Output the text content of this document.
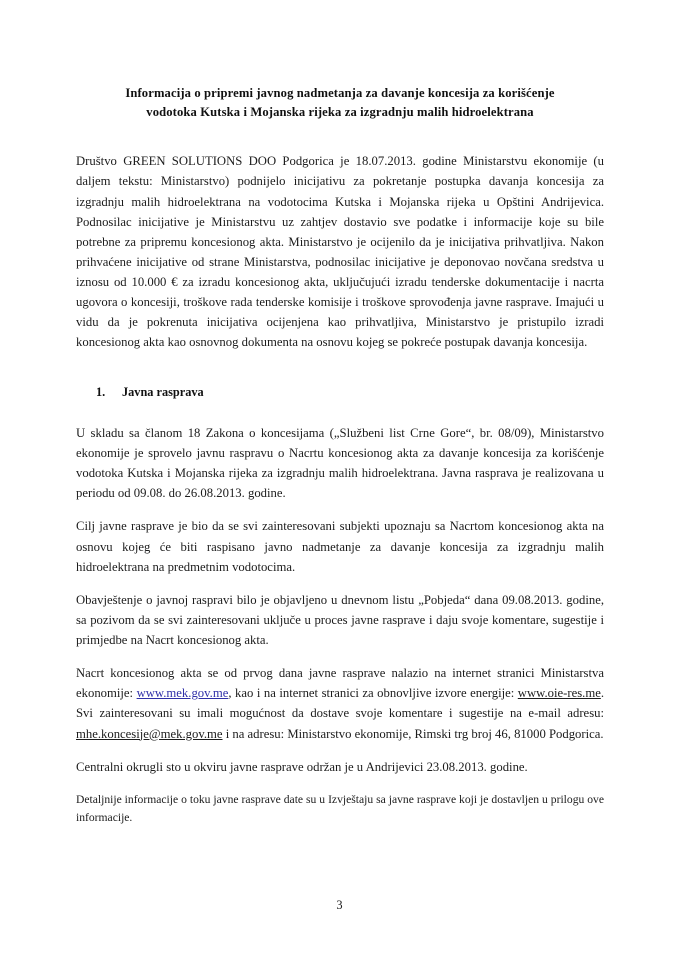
Informacija o pripremi javnog nadmetanja za davanje koncesija za korišćenje
vodotoka Kutska i Mojanska rijeka za izgradnju malih hidroelektrana

Društvo GREEN SOLUTIONS DOO Podgorica je 18.07.2013. godine Ministarstvu ekonomije (u daljem tekstu: Ministarstvo) podnijelo inicijativu za pokretanje postupka davanja koncesija za izgradnju malih hidroelektrana na vodotocima Kutska i Mojanska rijeka u Opštini Andrijevica. Podnosilac inicijative je Ministarstvu uz zahtjev dostavio sve podatke i informacije koje su bile potrebne za pripremu koncesionog akta. Ministarstvo je ocijenilo da je inicijativa prihvatljiva. Nakon prihvaćene inicijative od strane Ministarstva, podnosilac inicijative je deponovao novčana sredstva u iznosu od 10.000 € za izradu koncesionog akta, uključujući izradu tenderske dokumentacije i nacrta ugovora o koncesiji, troškove rada tenderske komisije i troškove sprovođenja javne rasprave. Imajući u vidu da je pokrenuta inicijativa ocijenjena kao prihvatljiva, Ministarstvo je pristupilo izradi koncesionog akta kao osnovnog dokumenta na osnovu kojeg se pokreće postupak davanja koncesija.

1.	Javna rasprava

U skladu sa članom 18 Zakona o koncesijama („Službeni list Crne Gore“, br. 08/09), Ministarstvo ekonomije je sprovelo javnu raspravu o Nacrtu koncesionog akta za davanje koncesija za korišćenje vodotoka Kutska i Mojanska rijeka za izgradnju malih hidroelektrana. Javna rasprava je realizovana u periodu od 09.08. do 26.08.2013. godine.

Cilj javne rasprave je bio da se svi zainteresovani subjekti upoznaju sa Nacrtom koncesionog akta na osnovu kojeg će biti raspisano javno nadmetanje za davanje koncesija za izgradnju malih hidroelektrana na predmetnim vodotocima.

Obavještenje o javnoj raspravi bilo je objavljeno u dnevnom listu „Pobjeda“ dana 09.08.2013. godine, sa pozivom da se svi zainteresovani uključe u proces javne rasprave i daju svoje komentare, sugestije i primjedbe na Nacrt koncesionog akta.

Nacrt koncesionog akta se od prvog dana javne rasprave nalazio na internet stranici Ministarstva ekonomije: www.mek.gov.me, kao i na internet stranici za obnovljive izvore energije: www.oie-res.me. Svi zainteresovani su imali mogućnost da dostave svoje komentare i sugestije na e-mail adresu: mhe.koncesije@mek.gov.me i na adresu: Ministarstvo ekonomije, Rimski trg broj 46, 81000 Podgorica.

Centralni okrugli sto u okviru javne rasprave održan je u Andrijevici 23.08.2013. godine.

Detaljnije informacije o toku javne rasprave date su u Izvještaju sa javne rasprave koji je dostavljen u prilogu ove informacije.

3
